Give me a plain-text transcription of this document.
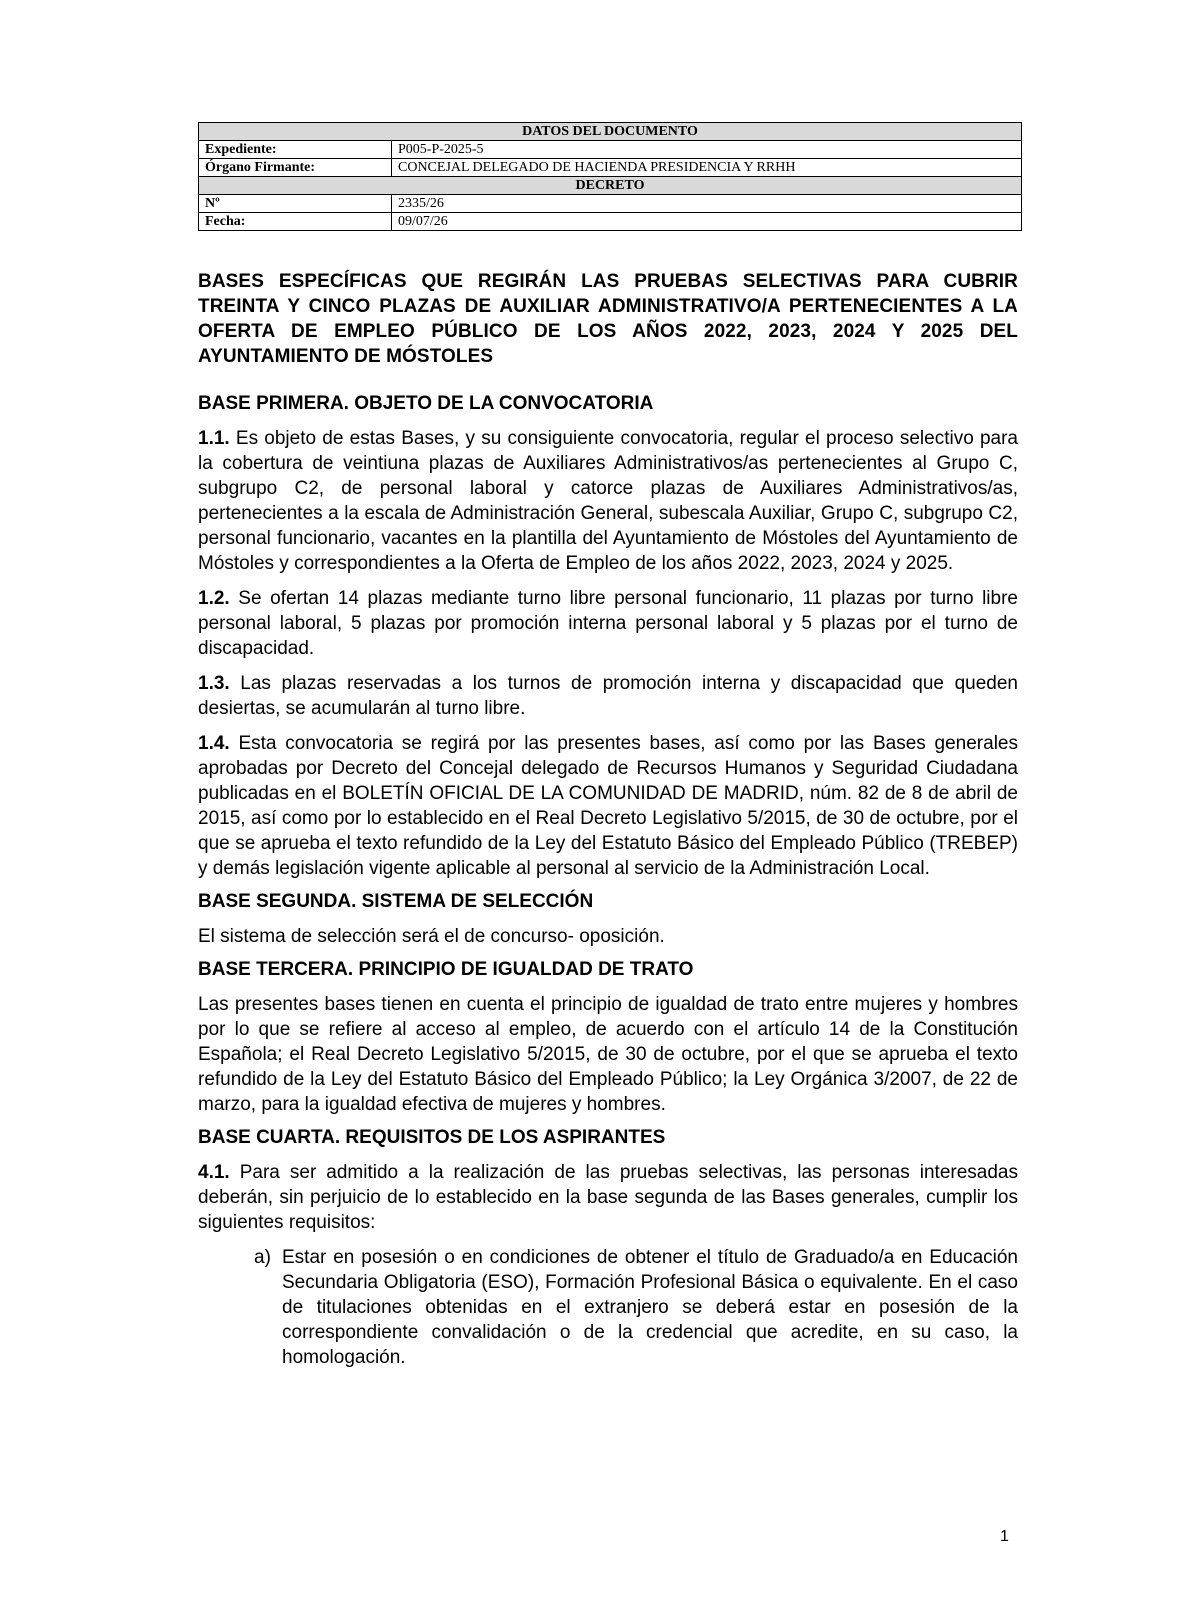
DATOS DEL DOCUMENTO	
Expediente:	P005-P-2025-5
Órgano Firmante:	CONCEJAL DELEGADO DE HACIENDA PRESIDENCIA Y RRHH
DECRETO	
Nº	2335/26
Fecha:	09/07/26
BASES ESPECÍFICAS QUE REGIRÁN LAS PRUEBAS SELECTIVAS PARA CUBRIR TREINTA Y CINCO PLAZAS DE AUXILIAR ADMINISTRATIVO/A PERTENECIENTES A LA OFERTA DE EMPLEO PÚBLICO DE LOS AÑOS 2022, 2023, 2024 Y 2025 DEL AYUNTAMIENTO DE MÓSTOLES
BASE PRIMERA. OBJETO DE LA CONVOCATORIA

1.1. Es objeto de estas Bases, y su consiguiente convocatoria, regular el proceso selectivo para la cobertura de veintiuna plazas de Auxiliares Administrativos/as pertenecientes al Grupo C, subgrupo C2, de personal laboral y catorce plazas de Auxiliares Administrativos/as, pertenecientes a la escala de Administración General, subescala Auxiliar, Grupo C, subgrupo C2, personal funcionario, vacantes en la plantilla del Ayuntamiento de Móstoles del Ayuntamiento de Móstoles y correspondientes a la Oferta de Empleo de los años 2022, 2023, 2024 y 2025.

1.2. Se ofertan 14 plazas mediante turno libre personal funcionario, 11 plazas por turno libre personal laboral, 5 plazas por promoción interna personal laboral y 5 plazas por el turno de discapacidad.

1.3. Las plazas reservadas a los turnos de promoción interna y discapacidad que queden desiertas, se acumularán al turno libre.

1.4. Esta convocatoria se regirá por las presentes bases, así como por las Bases generales aprobadas por Decreto del Concejal delegado de Recursos Humanos y Seguridad Ciudadana publicadas en el BOLETÍN OFICIAL DE LA COMUNIDAD DE MADRID, núm. 82 de 8 de abril de 2015, así como por lo establecido en el Real Decreto Legislativo 5/2015, de 30 de octubre, por el que se aprueba el texto refundido de la Ley del Estatuto Básico del Empleado Público (TREBEP) y demás legislación vigente aplicable al personal al servicio de la Administración Local.

BASE SEGUNDA. SISTEMA DE SELECCIÓN

El sistema de selección será el de concurso- oposición.

BASE TERCERA. PRINCIPIO DE IGUALDAD DE TRATO

Las presentes bases tienen en cuenta el principio de igualdad de trato entre mujeres y hombres por lo que se refiere al acceso al empleo, de acuerdo con el artículo 14 de la Constitución Española; el Real Decreto Legislativo 5/2015, de 30 de octubre, por el que se aprueba el texto refundido de la Ley del Estatuto Básico del Empleado Público; la Ley Orgánica 3/2007, de 22 de marzo, para la igualdad efectiva de mujeres y hombres.

BASE CUARTA. REQUISITOS DE LOS ASPIRANTES

4.1. Para ser admitido a la realización de las pruebas selectivas, las personas interesadas deberán, sin perjuicio de lo establecido en la base segunda de las Bases generales, cumplir los siguientes requisitos:

a) Estar en posesión o en condiciones de obtener el título de Graduado/a en Educación Secundaria Obligatoria (ESO), Formación Profesional Básica o equivalente. En el caso de titulaciones obtenidas en el extranjero se deberá estar en posesión de la correspondiente convalidación o de la credencial que acredite, en su caso, la homologación.
1
